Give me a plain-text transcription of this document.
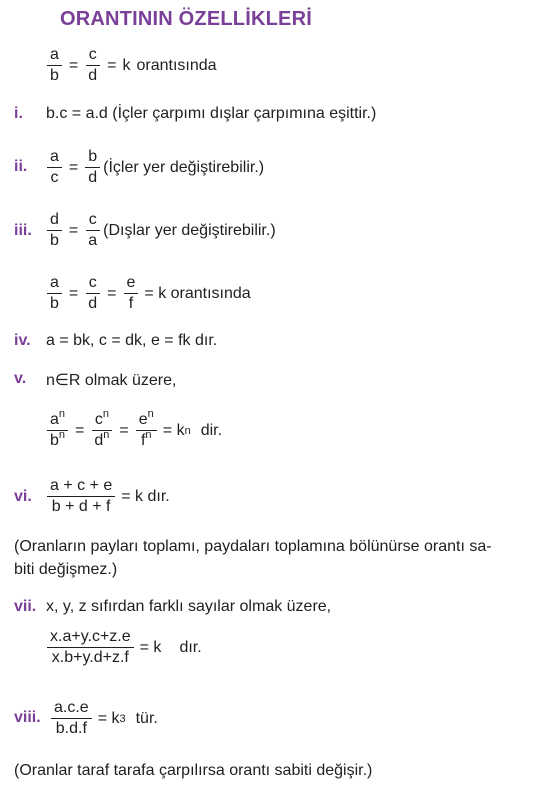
ORANTININ ÖZELLİKLERİ
$\frac{a}{b} = \frac{c}{d} = k$ orantısında
i. b.c = a.d (İçler çarpımı dışlar çarpımına eşittir.)
ii. $\frac{a}{c} = \frac{b}{d}$ (İçler yer değiştirebilir.)
iii. $\frac{d}{b} = \frac{c}{a}$ (Dışlar yer değiştirebilir.)
$\frac{a}{b} = \frac{c}{d} = \frac{e}{f} = k$ orantısında
iv. a = bk, c = dk, e = fk dır.
v. n∈R olmak üzere,
$\frac{a^n}{b^n} = \frac{c^n}{d^n} = \frac{e^n}{f^n} = k$ n dir.
vi. $\frac{a + c + e}{b + d + f} = k$ dır.
(Oranların payları toplamı, paydaları toplamına bölünürse orantı sa-
biti değişmez.)
vii. x, y, z sıfırdan farklı sayılar olmak üzere,
$\frac{x.a+y.c+z.e}{x.b+y.d+z.f} = k$ dır.
viii. $\frac{a.c.e}{b.d.f} = k$ 3 tür.
(Oranlar taraf tarafa çarpılırsa orantı sabiti değişir.)
